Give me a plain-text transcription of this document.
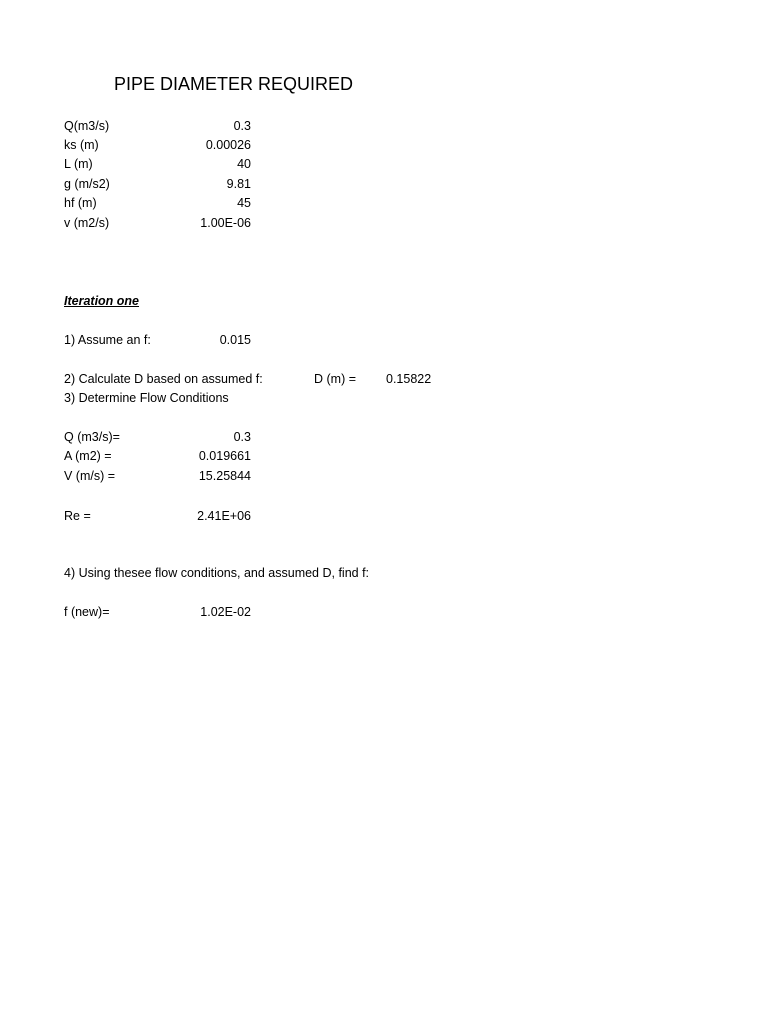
PIPE DIAMETER REQUIRED
Q(m3/s)	0.3
ks (m)	0.00026
L (m)	40
g (m/s2)	9.81
hf (m)	45
v (m2/s)	1.00E-06
Iteration one
1) Assume an f:	0.015
2) Calculate D based on assumed f:	D (m) = 0.15822
3) Determine Flow Conditions
Q (m3/s)=	0.3
A (m2) =	0.019661
V (m/s) =	15.25844
Re =	2.41E+06
4) Using thesee flow conditions, and assumed D, find f:
f (new)=	1.02E-02
